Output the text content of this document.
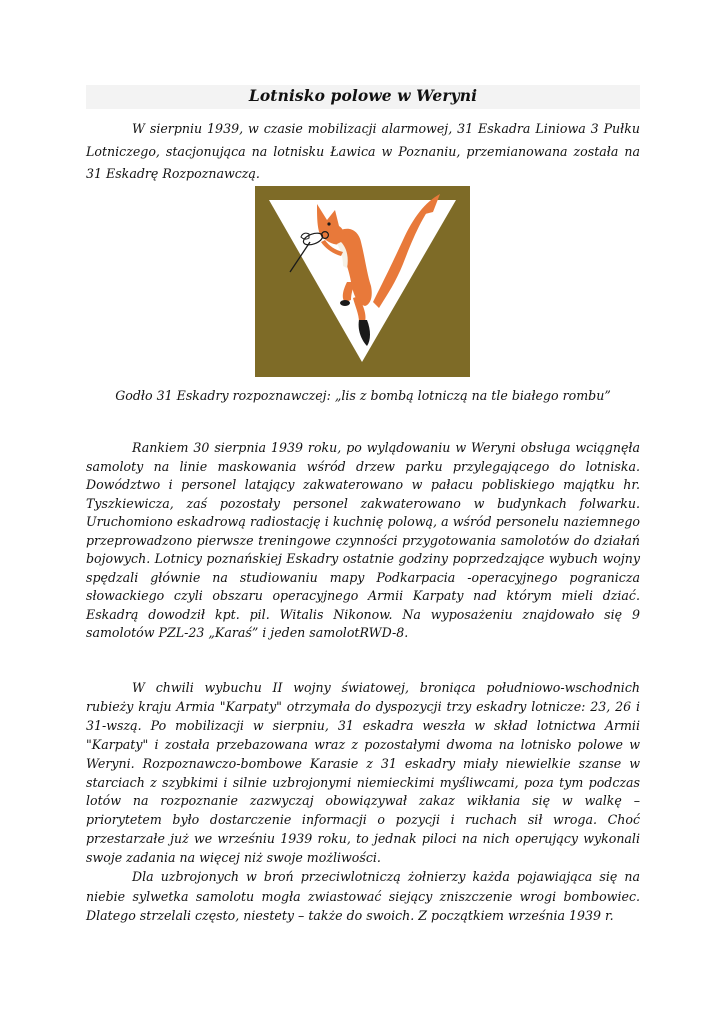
Lotnisko polowe w Weryni

W sierpniu 1939, w czasie mobilizacji alarmowej, 31 Eskadra Liniowa 3 Pułku Lotniczego, stacjonująca na lotnisku Ławica w Poznaniu, przemianowana została na 31 Eskadrę Rozpoznawczą.

Godło 31 Eskadry rozpoznawczej: „lis z bombą lotniczą na tle białego rombu”

Rankiem 30 sierpnia 1939 roku, po wylądowaniu w Weryni obsługa wciągnęła samoloty na linie maskowania wśród drzew parku przylegającego do lotniska. Dowództwo i personel latający zakwaterowano w pałacu pobliskiego majątku hr. Tyszkiewicza, zaś pozostały personel zakwaterowano w budynkach folwarku. Uruchomiono eskadrową radiostację i kuchnię polową, a wśród personelu naziemnego przeprowadzono pierwsze treningowe czynności przygotowania samolotów do działań bojowych. Lotnicy poznańskiej Eskadry ostatnie godziny poprzedzające wybuch wojny spędzali głównie na studiowaniu mapy Podkarpacia -operacyjnego pogranicza słowackiego czyli obszaru operacyjnego Armii Karpaty nad którym mieli dziać. Eskadrą dowodził kpt. pil. Witalis Nikonow. Na wyposażeniu znajdowało się 9 samolotów PZL-23 „Karaś” i jeden samolotRWD-8.

W chwili wybuchu II wojny światowej, broniąca południowo-wschodnich rubieży kraju Armia "Karpaty" otrzymała do dyspozycji trzy eskadry lotnicze: 23, 26 i 31-wszą. Po mobilizacji w sierpniu, 31 eskadra weszła w skład lotnictwa Armii "Karpaty" i została przebazowana wraz z pozostałymi dwoma na lotnisko polowe w Weryni. Rozpoznawczo-bombowe Karasie z 31 eskadry miały niewielkie szanse w starciach z szybkimi i silnie uzbrojonymi niemieckimi myśliwcami, poza tym podczas lotów na rozpoznanie zazwyczaj obowiązywał zakaz wikłania się w walkę – priorytetem było dostarczenie informacji o pozycji i ruchach sił wroga. Choć przestarzałe już we wrześniu 1939 roku, to jednak piloci na nich operujący wykonali swoje zadania na więcej niż swoje możliwości.

Dla uzbrojonych w broń przeciwlotniczą żołnierzy każda pojawiająca się na niebie sylwetka samolotu mogła zwiastować siejący zniszczenie wrogi bombowiec. Dlatego strzelali często, niestety – także do swoich. Z początkiem września 1939 r.
